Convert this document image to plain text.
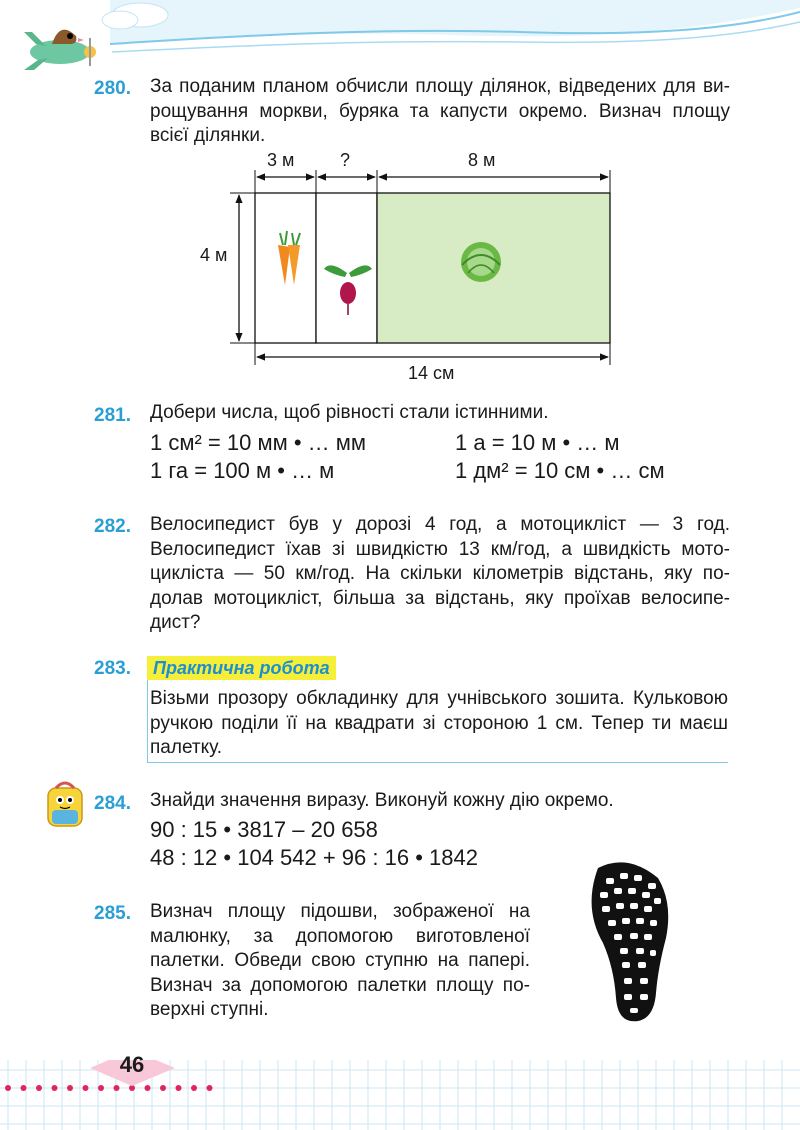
280. За поданим планом обчисли площу ділянок, відведених для ви-
рощування моркви, буряка та капусти окремо. Визнач площу
всієї ділянки.
3 м	?	8 м
4 м
14 см
281. Добери числа, щоб рівності стали істинними.
1 см² = 10 мм • … мм	1 а = 10 м • … м
1 га = 100 м • … м	1 дм² = 10 см • … см
282. Велосипедист був у дорозі 4 год, а мотоцикліст — 3 год.
Велосипедист їхав зі швидкістю 13 км/год, а швидкість мото-
цикліста — 50 км/год. На скільки кілометрів відстань, яку по-
долав мотоцикліст, більша за відстань, яку проїхав велосипе-
дист?
283.	Практична робота
Візьми прозору обкладинку для учнівського зошита. Кульковою
ручкою поділи її на квадрати зі стороною 1 см. Тепер ти маєш
палетку.
284. Знайди значення виразу. Виконуй кожну дію окремо.
90 : 15 • 3817 – 20 658
48 : 12 • 104 542 + 96 : 16 • 1842
285. Визнач площу підошви, зображеної на
малюнку, за допомогою виготовленої
палетки. Обведи свою ступню на папері.
Визнач за допомогою палетки площу по-
верхні ступні.
46
